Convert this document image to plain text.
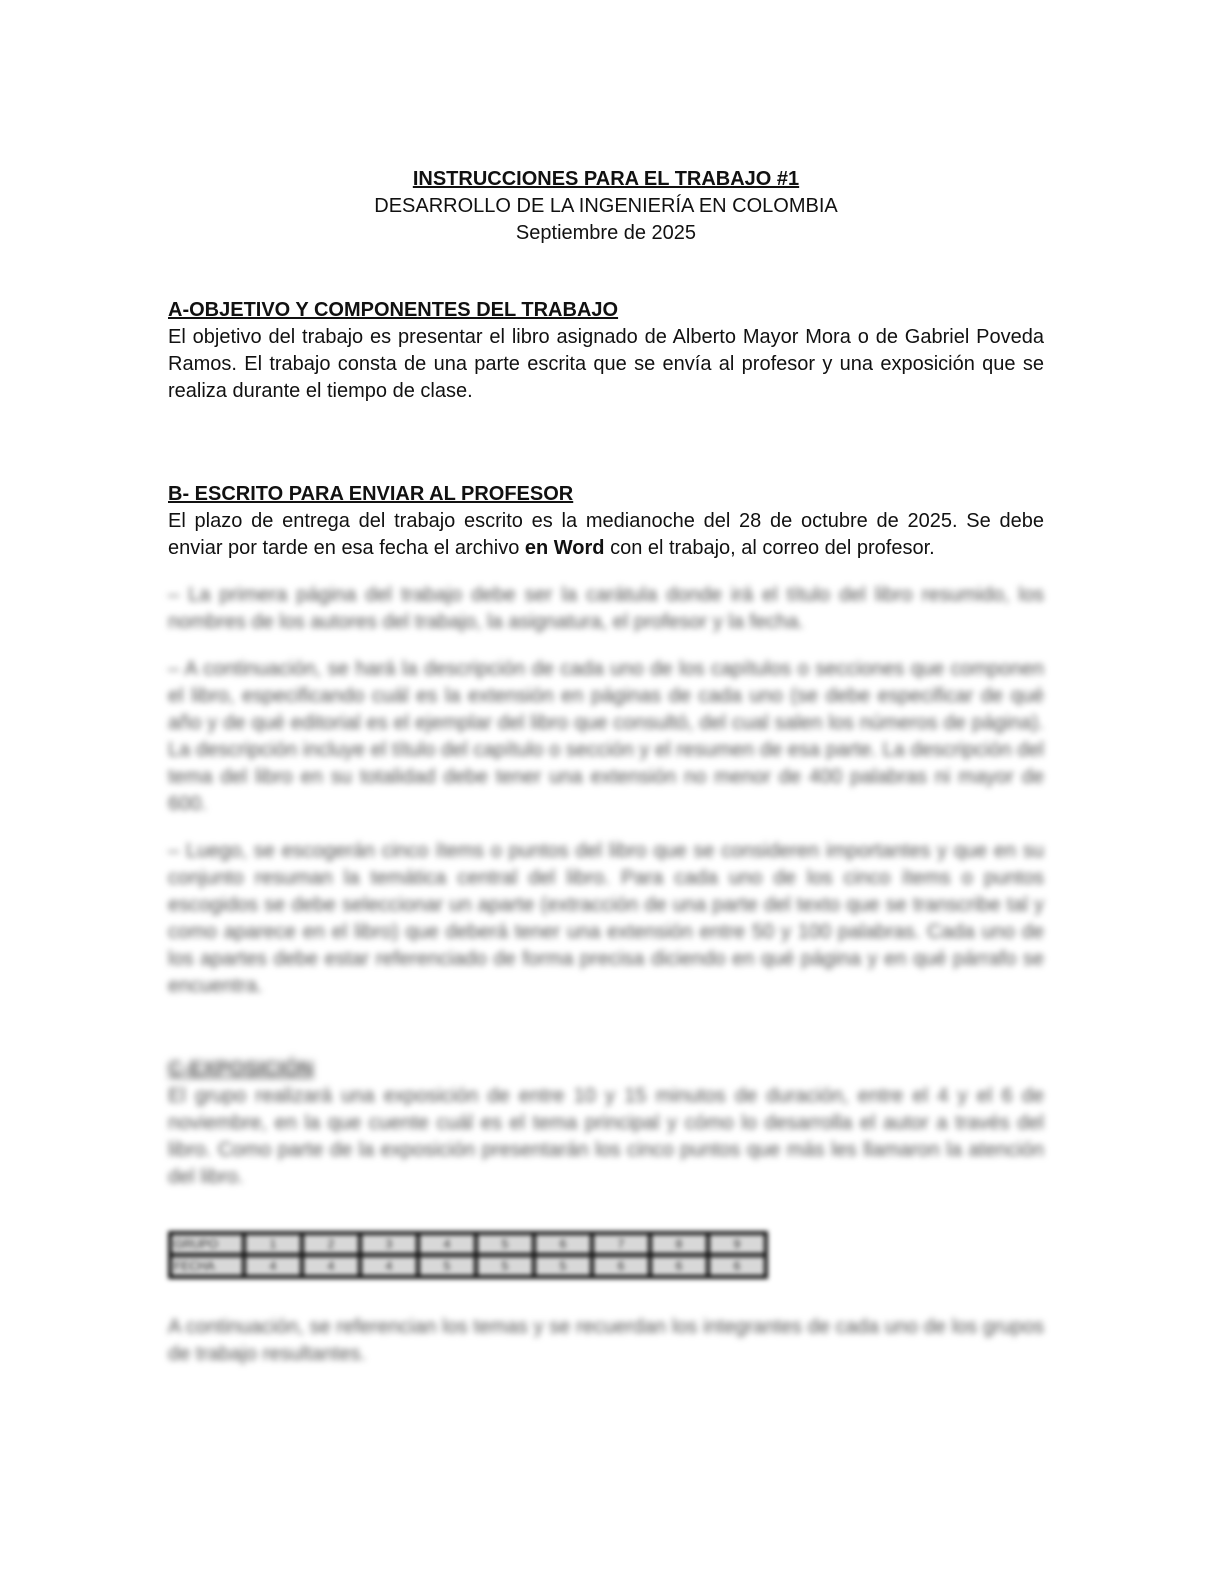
INSTRUCCIONES PARA EL TRABAJO #1
DESARROLLO DE LA INGENIERÍA EN COLOMBIA
Septiembre de 2025
A-OBJETIVO Y COMPONENTES DEL TRABAJO
El objetivo del trabajo es presentar el libro asignado de Alberto Mayor Mora o de Gabriel Poveda Ramos. El trabajo consta de una parte escrita que se envía al profesor y una exposición que se realiza durante el tiempo de clase.
B- ESCRITO PARA ENVIAR AL PROFESOR
El plazo de entrega del trabajo escrito es la medianoche del 28 de octubre de 2025. Se debe enviar por tarde en esa fecha el archivo en Word con el trabajo, al correo del profesor.
– La primera página del trabajo debe ser la carátula donde irá el título del libro resumido, los nombres de los autores del trabajo, la asignatura, el profesor y la fecha.
– A continuación, se hará la descripción de cada uno de los capítulos o secciones que componen el libro, especificando cuál es la extensión en páginas de cada uno (se debe especificar de qué año y de qué editorial es el ejemplar del libro que consultó, del cual salen los números de página). La descripción incluye el título del capítulo o sección y el resumen de esa parte. La descripción del tema del libro en su totalidad debe tener una extensión no menor de 400 palabras ni mayor de 600.
– Luego, se escogerán cinco ítems o puntos del libro que se consideren importantes y que en su conjunto resuman la temática central del libro. Para cada uno de los cinco ítems o puntos escogidos se debe seleccionar un aparte (extracción de una parte del texto que se transcribe tal y como aparece en el libro) que deberá tener una extensión entre 50 y 100 palabras. Cada uno de los apartes debe estar referenciado de forma precisa diciendo en qué página y en qué párrafo se encuentra.
C-EXPOSICIÓN
El grupo realizará una exposición de entre 10 y 15 minutos de duración, entre el 4 y el 6 de noviembre, en la que cuente cuál es el tema principal y cómo lo desarrolla el autor a través del libro. Como parte de la exposición presentarán los cinco puntos que más les llamaron la atención del libro.
GRUPO	1	2	3	4	5	6	7	8	9
FECHA	4	4	4	5	5	5	6	6	6
A continuación, se referencian los temas y se recuerdan los integrantes de cada uno de los grupos de trabajo resultantes.
